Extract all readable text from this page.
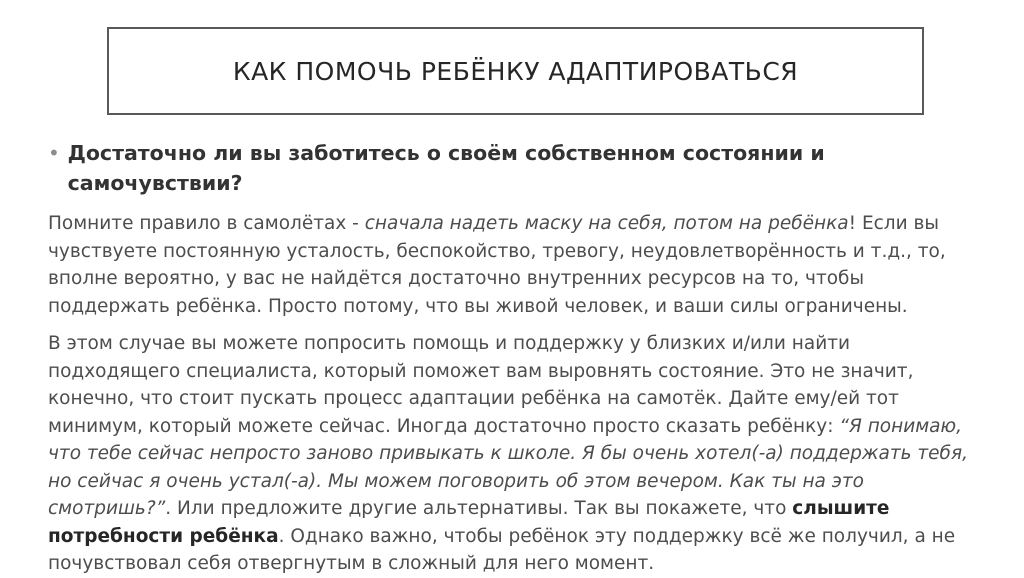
КАК ПОМОЧЬ РЕБЁНКУ АДАПТИРОВАТЬСЯ
• Достаточно ли вы заботитесь о своём собственном состоянии и самочувствии?

Помните правило в самолётах - сначала надеть маску на себя, потом на ребёнка! Если вы чувствуете постоянную усталость, беспокойство, тревогу, неудовлетворённость и т.д., то, вполне вероятно, у вас не найдётся достаточно внутренних ресурсов на то, чтобы поддержать ребёнка. Просто потому, что вы живой человек, и ваши силы ограничены.

В этом случае вы можете попросить помощь и поддержку у близких и/или найти подходящего специалиста, который поможет вам выровнять состояние. Это не значит, конечно, что стоит пускать процесс адаптации ребёнка на самотёк. Дайте ему/ей тот минимум, который можете сейчас. Иногда достаточно просто сказать ребёнку: “Я понимаю, что тебе сейчас непросто заново привыкать к школе. Я бы очень хотел(-а) поддержать тебя, но сейчас я очень устал(-а). Мы можем поговорить об этом вечером. Как ты на это смотришь?”. Или предложите другие альтернативы. Так вы покажете, что слышите потребности ребёнка. Однако важно, чтобы ребёнок эту поддержку всё же получил, а не почувствовал себя отвергнутым в сложный для него момент.
